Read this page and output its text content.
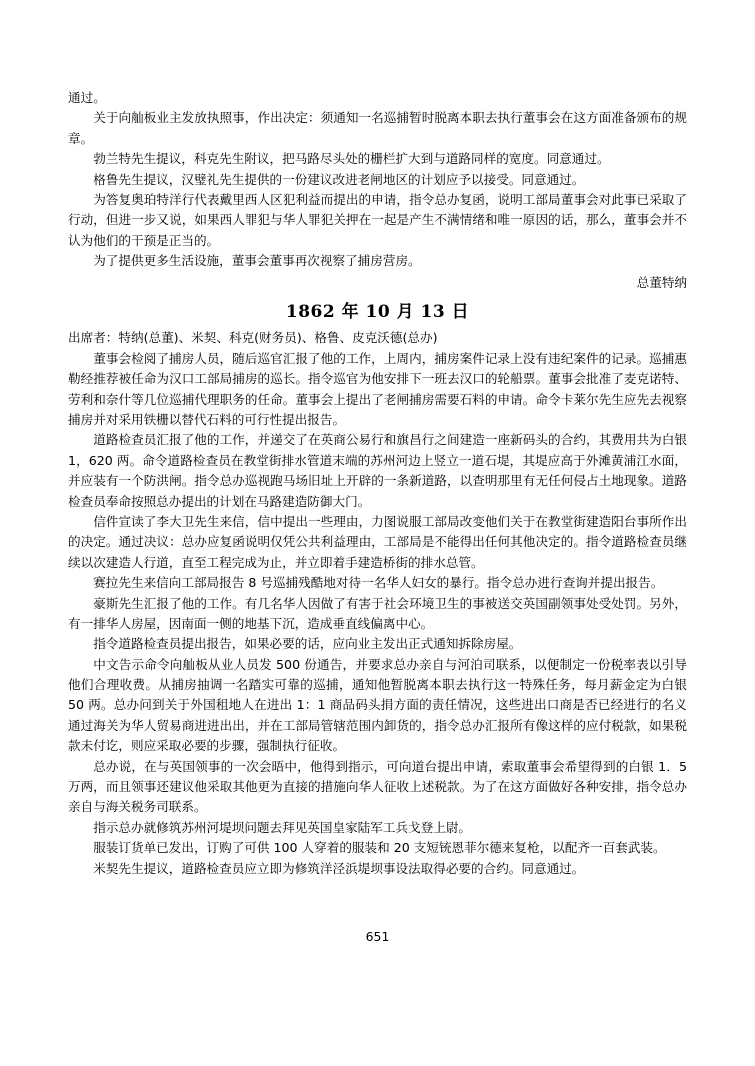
通过。

关于向舢板业主发放执照事，作出决定：须通知一名巡捕暂时脱离本职去执行董事会在这方面准备颁布的规章。

勃兰特先生提议，科克先生附议，把马路尽头处的栅栏扩大到与道路同样的宽度。同意通过。

格鲁先生提议，汉璧礼先生提供的一份建议改进老闸地区的计划应予以接受。同意通过。

为答复奥珀特洋行代表戴里西人区犯利益而提出的申请，指令总办复函，说明工部局董事会对此事已采取了行动，但进一步又说，如果西人罪犯与华人罪犯关押在一起是产生不满情绪和唯一原因的话，那么，董事会并不认为他们的干预是正当的。

为了提供更多生活设施，董事会董事再次视察了捕房营房。

总董特纳

1862 年 10 月 13 日

出席者：特纳(总董)、米契、科克(财务员)、格鲁、皮克沃德(总办)

董事会检阅了捕房人员，随后巡官汇报了他的工作，上周内，捕房案件记录上没有违纪案件的记录。巡捕惠勒经推荐被任命为汉口工部局捕房的巡长。指令巡官为他安排下一班去汉口的轮船票。董事会批准了麦克诺特、劳利和奈什等几位巡捕代理职务的任命。董事会上提出了老闸捕房需要石料的申请。命令卡莱尔先生应先去视察捕房并对采用铁栅以替代石料的可行性提出报告。

道路检查员汇报了他的工作，并递交了在英商公易行和旗昌行之间建造一座新码头的合约，其费用共为白银 1，620 两。命令道路检查员在教堂街排水管道末端的苏州河边上竖立一道石堤，其堤应高于外滩黄浦江水面，并应装有一个防洪闸。指令总办巡视跑马场旧址上开辟的一条新道路，以查明那里有无任何侵占土地现象。道路检查员奉命按照总办提出的计划在马路建造防御大门。

信件宣读了李大卫先生来信，信中提出一些理由，力图说服工部局改变他们关于在教堂街建造阳台事所作出的决定。通过决议：总办应复函说明仅凭公共利益理由，工部局是不能得出任何其他决定的。指令道路检查员继续以次建造人行道，直至工程完成为止，并立即着手建造桥街的排水总管。

赛拉先生来信向工部局报告 8 号巡捕残酷地对待一名华人妇女的暴行。指令总办进行查询并提出报告。

豪斯先生汇报了他的工作。有几名华人因做了有害于社会环境卫生的事被送交英国副领事处受处罚。另外，有一排华人房屋，因南面一侧的地基下沉，造成垂直线偏离中心。

指令道路检查员提出报告，如果必要的话，应向业主发出正式通知拆除房屋。

中文告示命令向舢板从业人员发 500 份通告，并要求总办亲自与河泊司联系，以便制定一份税率表以引导他们合理收费。从捕房抽调一名踏实可靠的巡捕，通知他暂脱离本职去执行这一特殊任务，每月薪金定为白银 50 两。总办问到关于外国租地人在进出 1：1 商品码头捐方面的责任情况，这些进出口商是否已经进行的名义通过海关为华人贸易商进进出出，并在工部局管辖范围内卸货的，指令总办汇报所有像这样的应付税款，如果税款未付讫，则应采取必要的步骤，强制执行征收。

总办说，在与英国领事的一次会晤中，他得到指示，可向道台提出申请，索取董事会希望得到的白银 1．5 万两，而且领事还建议他采取其他更为直接的措施向华人征收上述税款。为了在这方面做好各种安排，指令总办亲自与海关税务司联系。

指示总办就修筑苏州河堤坝问题去拜见英国皇家陆军工兵戈登上尉。

服装订货单已发出，订购了可供 100 人穿着的服装和 20 支短铳恩菲尔德来复枪，以配齐一百套武装。

米契先生提议，道路检查员应立即为修筑洋泾浜堤坝事设法取得必要的合约。同意通过。

651
